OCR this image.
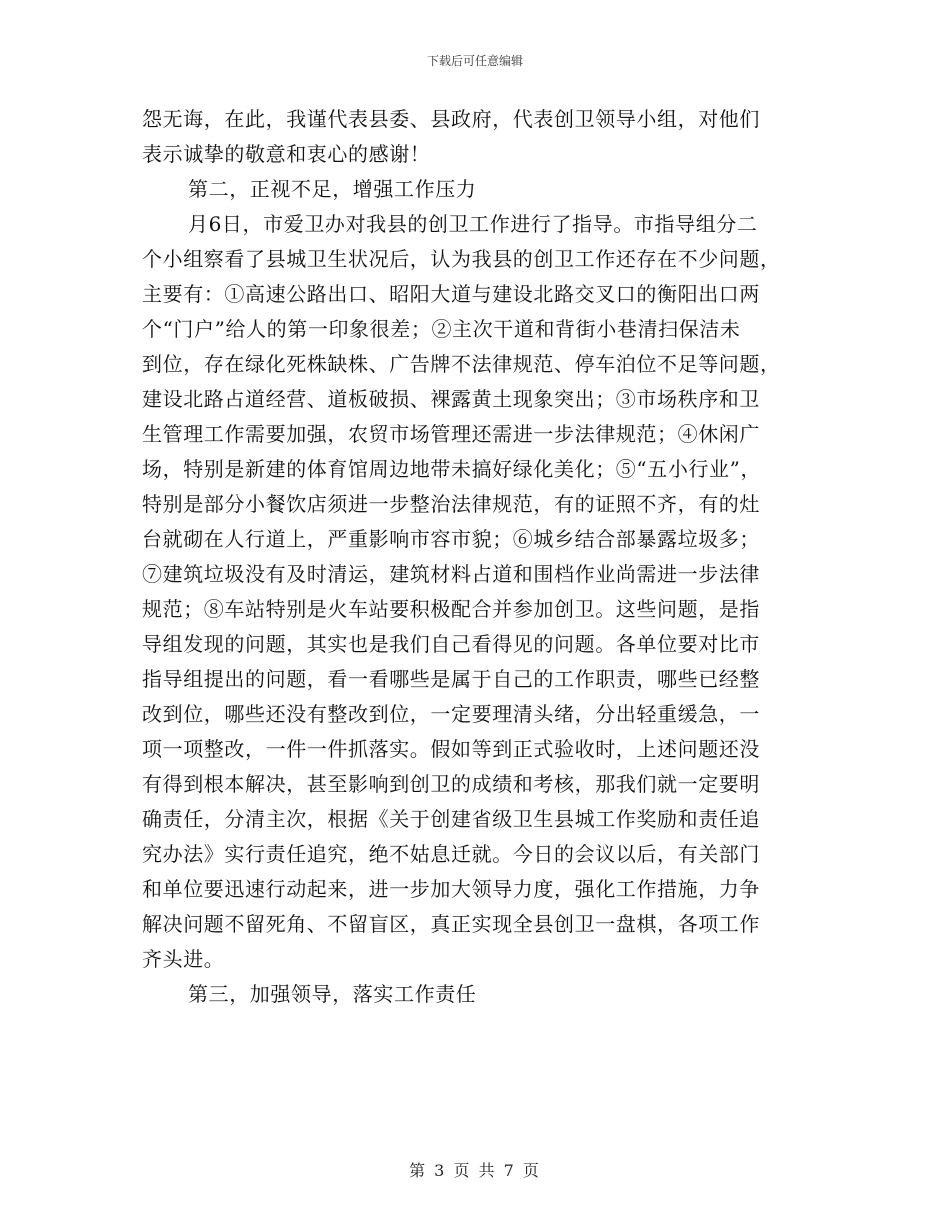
下载后可任意编辑
怨无诲，在此，我谨代表县委、县政府，代表创卫领导小组，对他们
表示诚挚的敬意和衷心的感谢！
第二，正视不足，增强工作压力
月6日，市爱卫办对我县的创卫工作进行了指导。市指导组分二
个小组察看了县城卫生状况后，认为我县的创卫工作还存在不少问题，
主要有：①高速公路出口、昭阳大道与建设北路交叉口的衡阳出口两
个“门户”给人的第一印象很差；②主次干道和背街小巷清扫保洁未
到位，存在绿化死株缺株、广告牌不法律规范、停车泊位不足等问题，
建设北路占道经营、道板破损、裸露黄土现象突出；③市场秩序和卫
生管理工作需要加强，农贸市场管理还需进一步法律规范；④休闲广
场，特别是新建的体育馆周边地带未搞好绿化美化；⑤“五小行业”，
特别是部分小餐饮店须进一步整治法律规范，有的证照不齐，有的灶
台就砌在人行道上，严重影响市容市貌；⑥城乡结合部暴露垃圾多；
⑦建筑垃圾没有及时清运，建筑材料占道和围档作业尚需进一步法律
规范；⑧车站特别是火车站要积极配合并参加创卫。这些问题，是指
导组发现的问题，其实也是我们自己看得见的问题。各单位要对比市
指导组提出的问题，看一看哪些是属于自己的工作职责，哪些已经整
改到位，哪些还没有整改到位，一定要理清头绪，分出轻重缓急，一
项一项整改，一件一件抓落实。假如等到正式验收时，上述问题还没
有得到根本解决，甚至影响到创卫的成绩和考核，那我们就一定要明
确责任，分清主次，根据《关于创建省级卫生县城工作奖励和责任追
究办法》实行责任追究，绝不姑息迁就。今日的会议以后，有关部门
和单位要迅速行动起来，进一步加大领导力度，强化工作措施，力争
解决问题不留死角、不留盲区，真正实现全县创卫一盘棋，各项工作
齐头进。
第三，加强领导，落实工作责任
第 3 页 共 7 页
